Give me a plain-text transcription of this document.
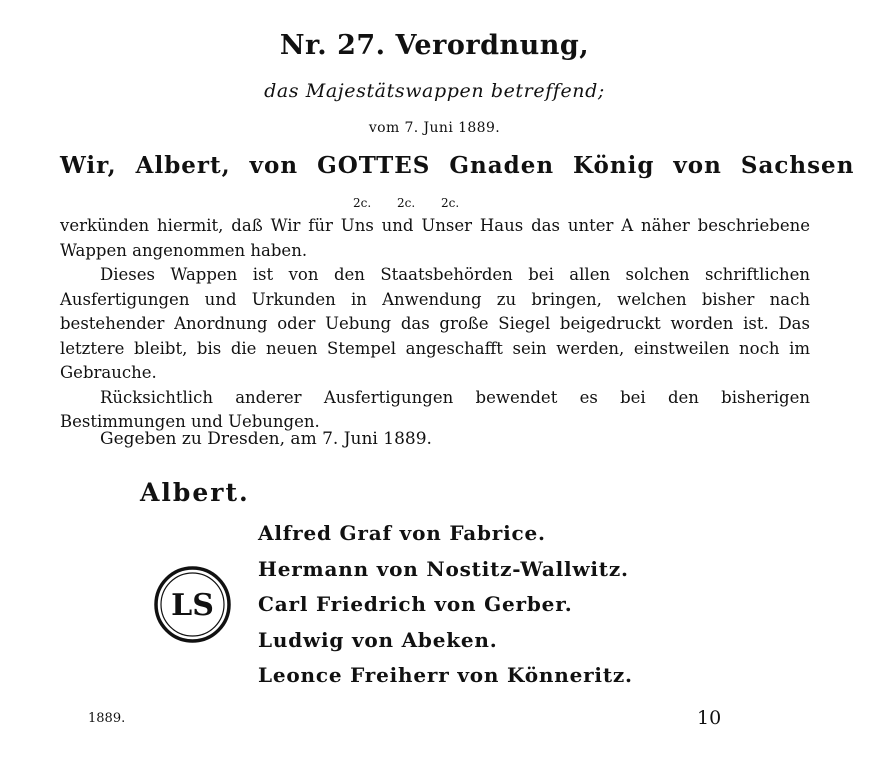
Nr. 27. Verordnung,
das Majestätswappen betreffend;
vom 7. Juni 1889.
Wir, Albert, von GOTTES Gnaden König von Sachsen
2c. 2c. 2c.

verkünden hiermit, daß Wir für Uns und Unser Haus das unter A näher beschriebene Wappen angenommen haben.

Dieses Wappen ist von den Staatsbehörden bei allen solchen schriftlichen Ausfertigungen und Urkunden in Anwendung zu bringen, welchen bisher nach bestehender Anordnung oder Uebung das große Siegel beigedruckt worden ist. Das letztere bleibt, bis die neuen Stempel angeschafft sein werden, einstweilen noch im Gebrauche.

Rücksichtlich anderer Ausfertigungen bewendet es bei den bisherigen Bestimmungen und Uebungen.

Gegeben zu Dresden, am 7. Juni 1889.
Albert.
Alfred Graf von Fabrice.
Hermann von Nostitz-Wallwitz.
Carl Friedrich von Gerber.
Ludwig von Abeken.
Leonce Freiherr von Könneritz.
LS
1889.	10
